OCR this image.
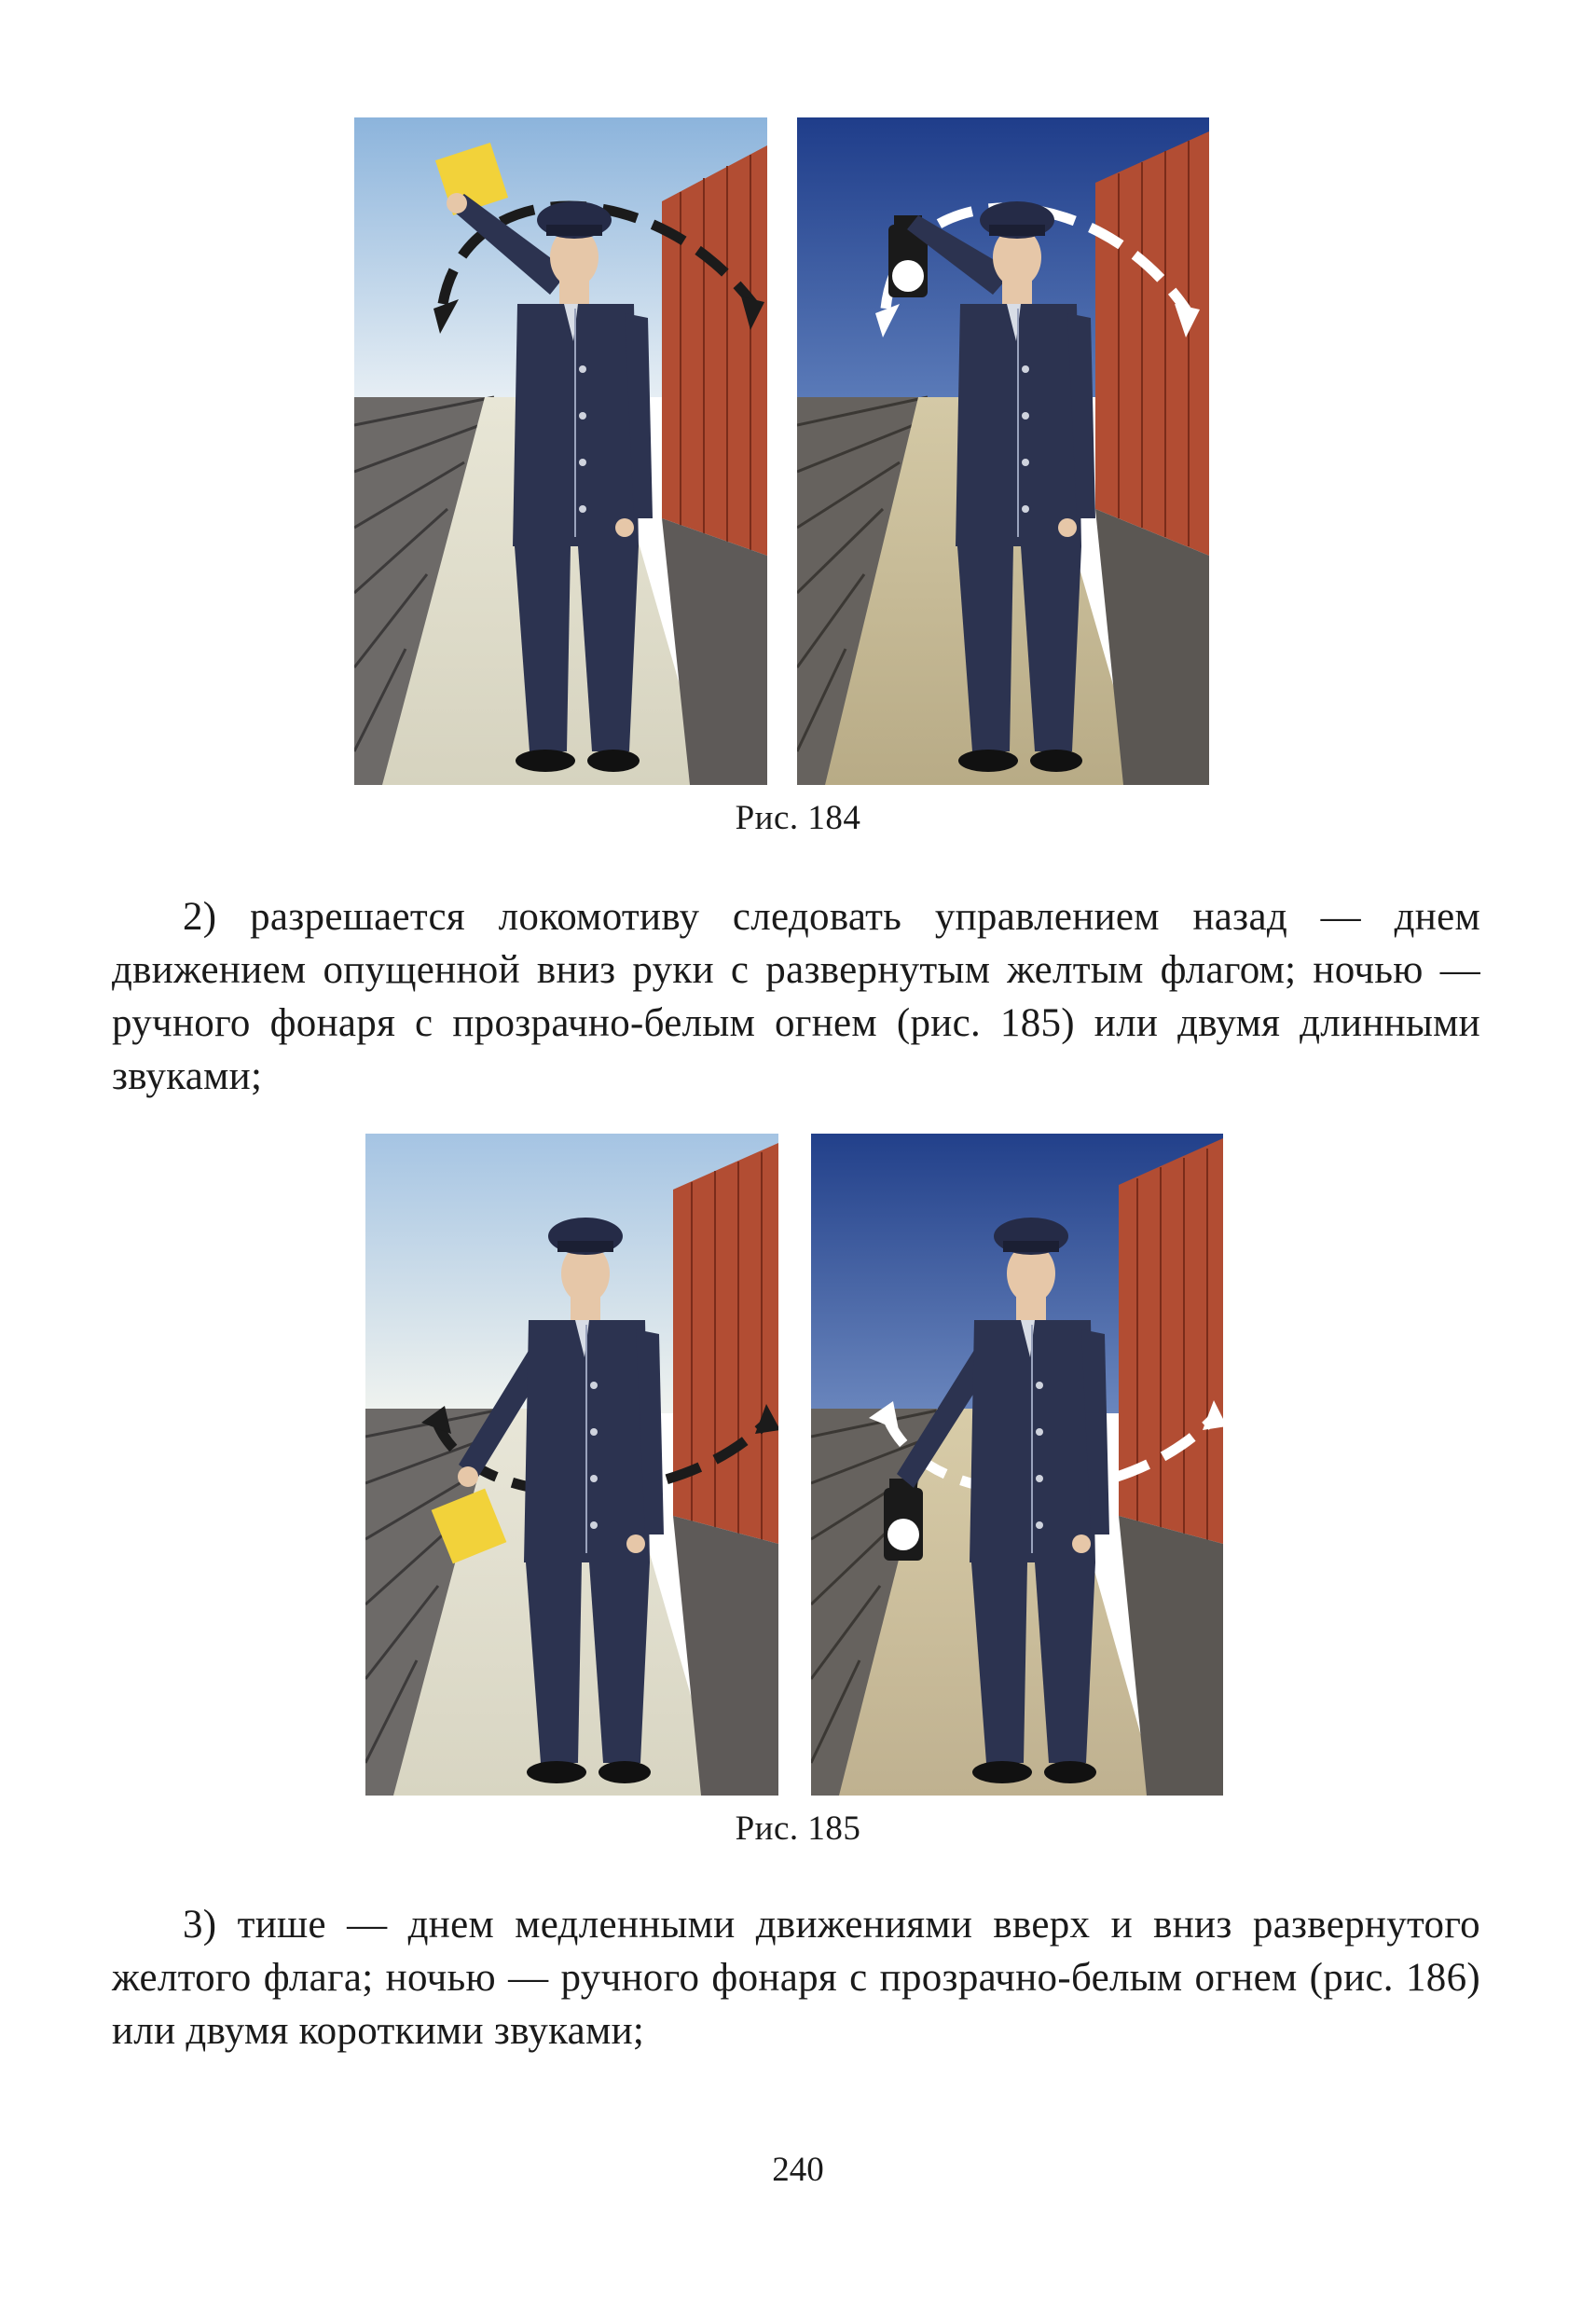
Рис. 184

2) разрешается локомотиву следовать управлением назад — днем движением опущенной вниз руки с развернутым желтым флагом; ночью — ручного фонаря с прозрачно-белым огнем (рис. 185) или двумя длинными звуками;

Рис. 185

3) тише — днем медленными движениями вверх и вниз развернутого желтого флага; ночью — ручного фонаря с прозрачно-белым огнем (рис. 186) или двумя короткими звуками;

240
